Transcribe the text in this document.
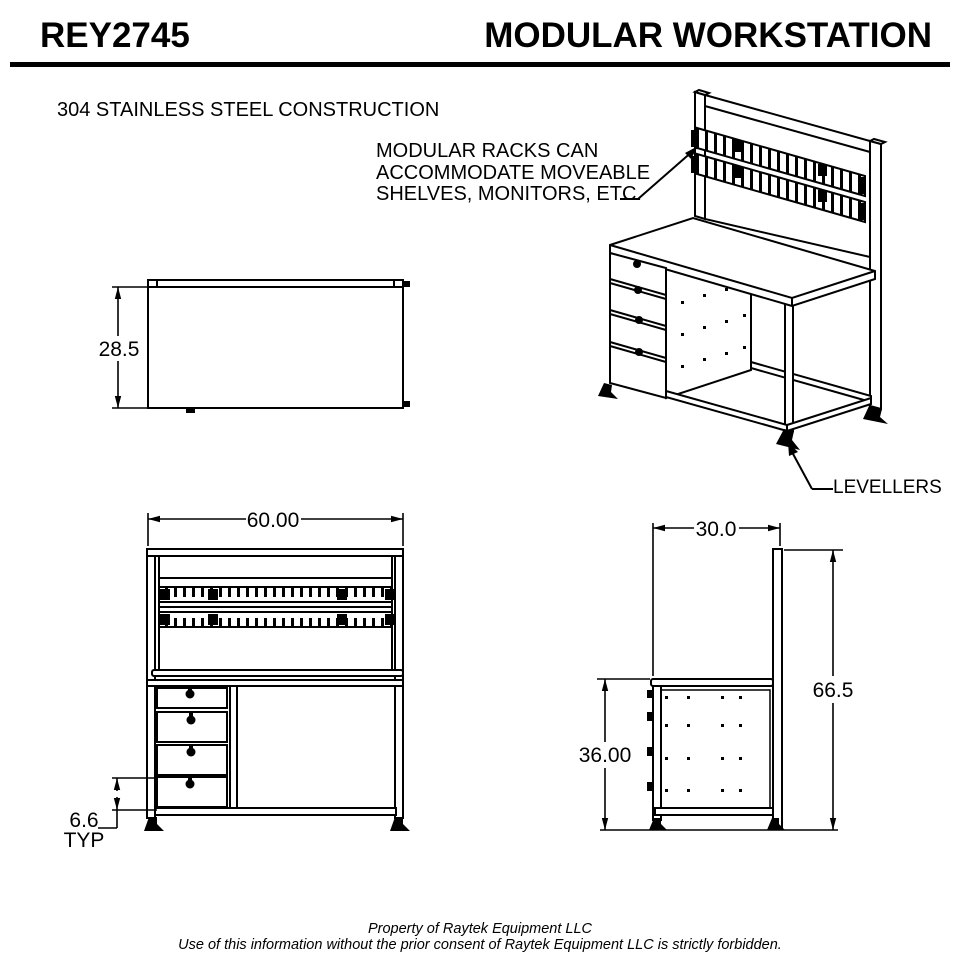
REY2745	MODULAR WORKSTATION
304 STAINLESS STEEL CONSTRUCTION
MODULAR RACKS CAN
ACCOMMODATE MOVEABLE
SHELVES, MONITORS, ETC.
LEVELLERS
Property of Raytek Equipment LLC
Use of this information without the prior consent of Raytek Equipment LLC is strictly forbidden.
28.5
60.00
6.6
TYP
30.0
66.5
36.00
